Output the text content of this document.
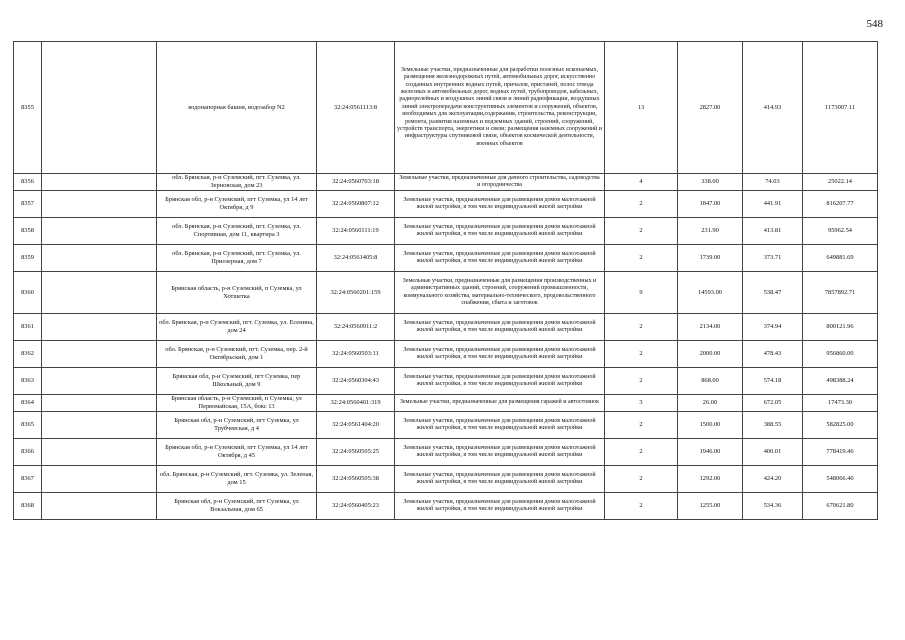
548
8355		водонапорная башня, водозабор N2	32:24:0561113:8	Земельные участки, предназначенные для разработки полезных ископаемых, размещения железнодорожных путей, автомобильных дорог, искусственно созданных внутренних водных путей, причалов, пристаней, полос отвода железных и автомобильных дорог, водных путей, трубопроводов, кабельных, радиорелейных и воздушных линий связи и линий радиофикации, воздушных линий электропередачи конструктивных элементов и сооружений, объектов, необходимых для эксплуатации,содержания, строительства, реконструкции, ремонта, развития наземных и подземных зданий, строений, сооружений, устройств транспорта, энергетики и связи; размещения наземных сооружений и инфраструктуры спутниковой связи, объектов космической деятельности, военных объектов	13	2827.00	414.93	1173007.11
8356		обл. Брянская, р-н Суземский, пгт. Суземка, ул. Зерновская, дом 23	32:24:0560703:18	Земельные участки, предназначенные для дачного строительства, садоводства и огородничества	4	338.00	74.03	25022.14
8357		Брянская обл, р-н Суземский, пгт Суземка, ул 14 лет Октября, д 9	32:24:0560807:12	Земельные участки, предназначенные для размещения домов малоэтажной жилой застройки, в том числе индивидуальной жилой застройки	2	1847.00	441.91	816207.77
8358		обл. Брянская, р-н Суземский, пгт. Суземка, ул. Спортивная, дом 11, квартира 3	32:24:0560111:19	Земельные участки, предназначенные для размещения домов малоэтажной жилой застройки, в том числе индивидуальной жилой застройки	2	231.90	413.81	95962.54
8359		обл. Брянская, р-н Суземский, пгт. Суземка, ул. Приозерная, дом 7	32:24:0561405:8	Земельные участки, предназначенные для размещения домов малоэтажной жилой застройки, в том числе индивидуальной жилой застройки	2	1739.00	373.71	649881.69
8360		Брянская область, р-н Суземский, п Суземка, ул Хотшетка	32:24:0560201:159	Земельные участки, предназначенные для размещения производственных и административных зданий, строений, сооружений промышленности, коммунального хозяйства, материально-технического, продовольственного снабжения, сбыта и заготовок	9	14593.00	538.47	7857892.71
8361		обл. Брянская, р-н Суземский, пгт. Суземка, ул. Есенина, дом 24	32:24:0560911:2	Земельные участки, предназначенные для размещения домов малоэтажной жилой застройки, в том числе индивидуальной жилой застройки	2	2134.00	374.94	800121.96
8362		обл. Брянская, р-н Суземский, пгт. Суземка, пер. 2-й Октябрьский, дом 1	32:24:0560503:11	Земельные участки, предназначенные для размещения домов малоэтажной жилой застройки, в том числе индивидуальной жилой застройки	2	2000.00	478.43	956860.00
8363		Брянская обл, р-н Суземский, пгт Суземка, пер Школьный, дом 9	32:24:0560304:43	Земельные участки, предназначенные для размещения домов малоэтажной жилой застройки, в том числе индивидуальной жилой застройки	2	868.00	574.18	498388.24
8364		Брянская область, р-н Суземский, п Суземка, ул Первомайская, 15А, бокс 13	32:24:0560401:319	Земельные участки, предназначенные для размещения гаражей и автостоянок	3	26.00	672.05	17473.30
8365		Брянская обл, р-н Суземский, пгт Суземка, ул Трубчевская, д 4	32:24:0561404:20	Земельные участки, предназначенные для размещения домов малоэтажной жилой застройки, в том числе индивидуальной жилой застройки	2	1500.00	388.55	582825.00
8366		Брянская обл, р-н Суземский, пгт Суземка, ул 14 лет Октября, д 45	32:24:0560505:25	Земельные участки, предназначенные для размещения домов малоэтажной жилой застройки, в том числе индивидуальной жилой застройки	2	1946.00	400.01	778419.46
8367		обл. Брянская, р-н Суземский, пгт. Суземка, ул. Зеленая, дом 15	32:24:0560505:38	Земельные участки, предназначенные для размещения домов малоэтажной жилой застройки, в том числе индивидуальной жилой застройки	2	1292.00	424.20	548066.40
8368		Брянская обл, р-н Суземский, пгт Суземка, ул Вокзальная, дом 65	32:24:0560405:23	Земельные участки, предназначенные для размещения домов малоэтажной жилой застройки, в том числе индивидуальной жилой застройки	2	1255.00	534.36	670621.80
